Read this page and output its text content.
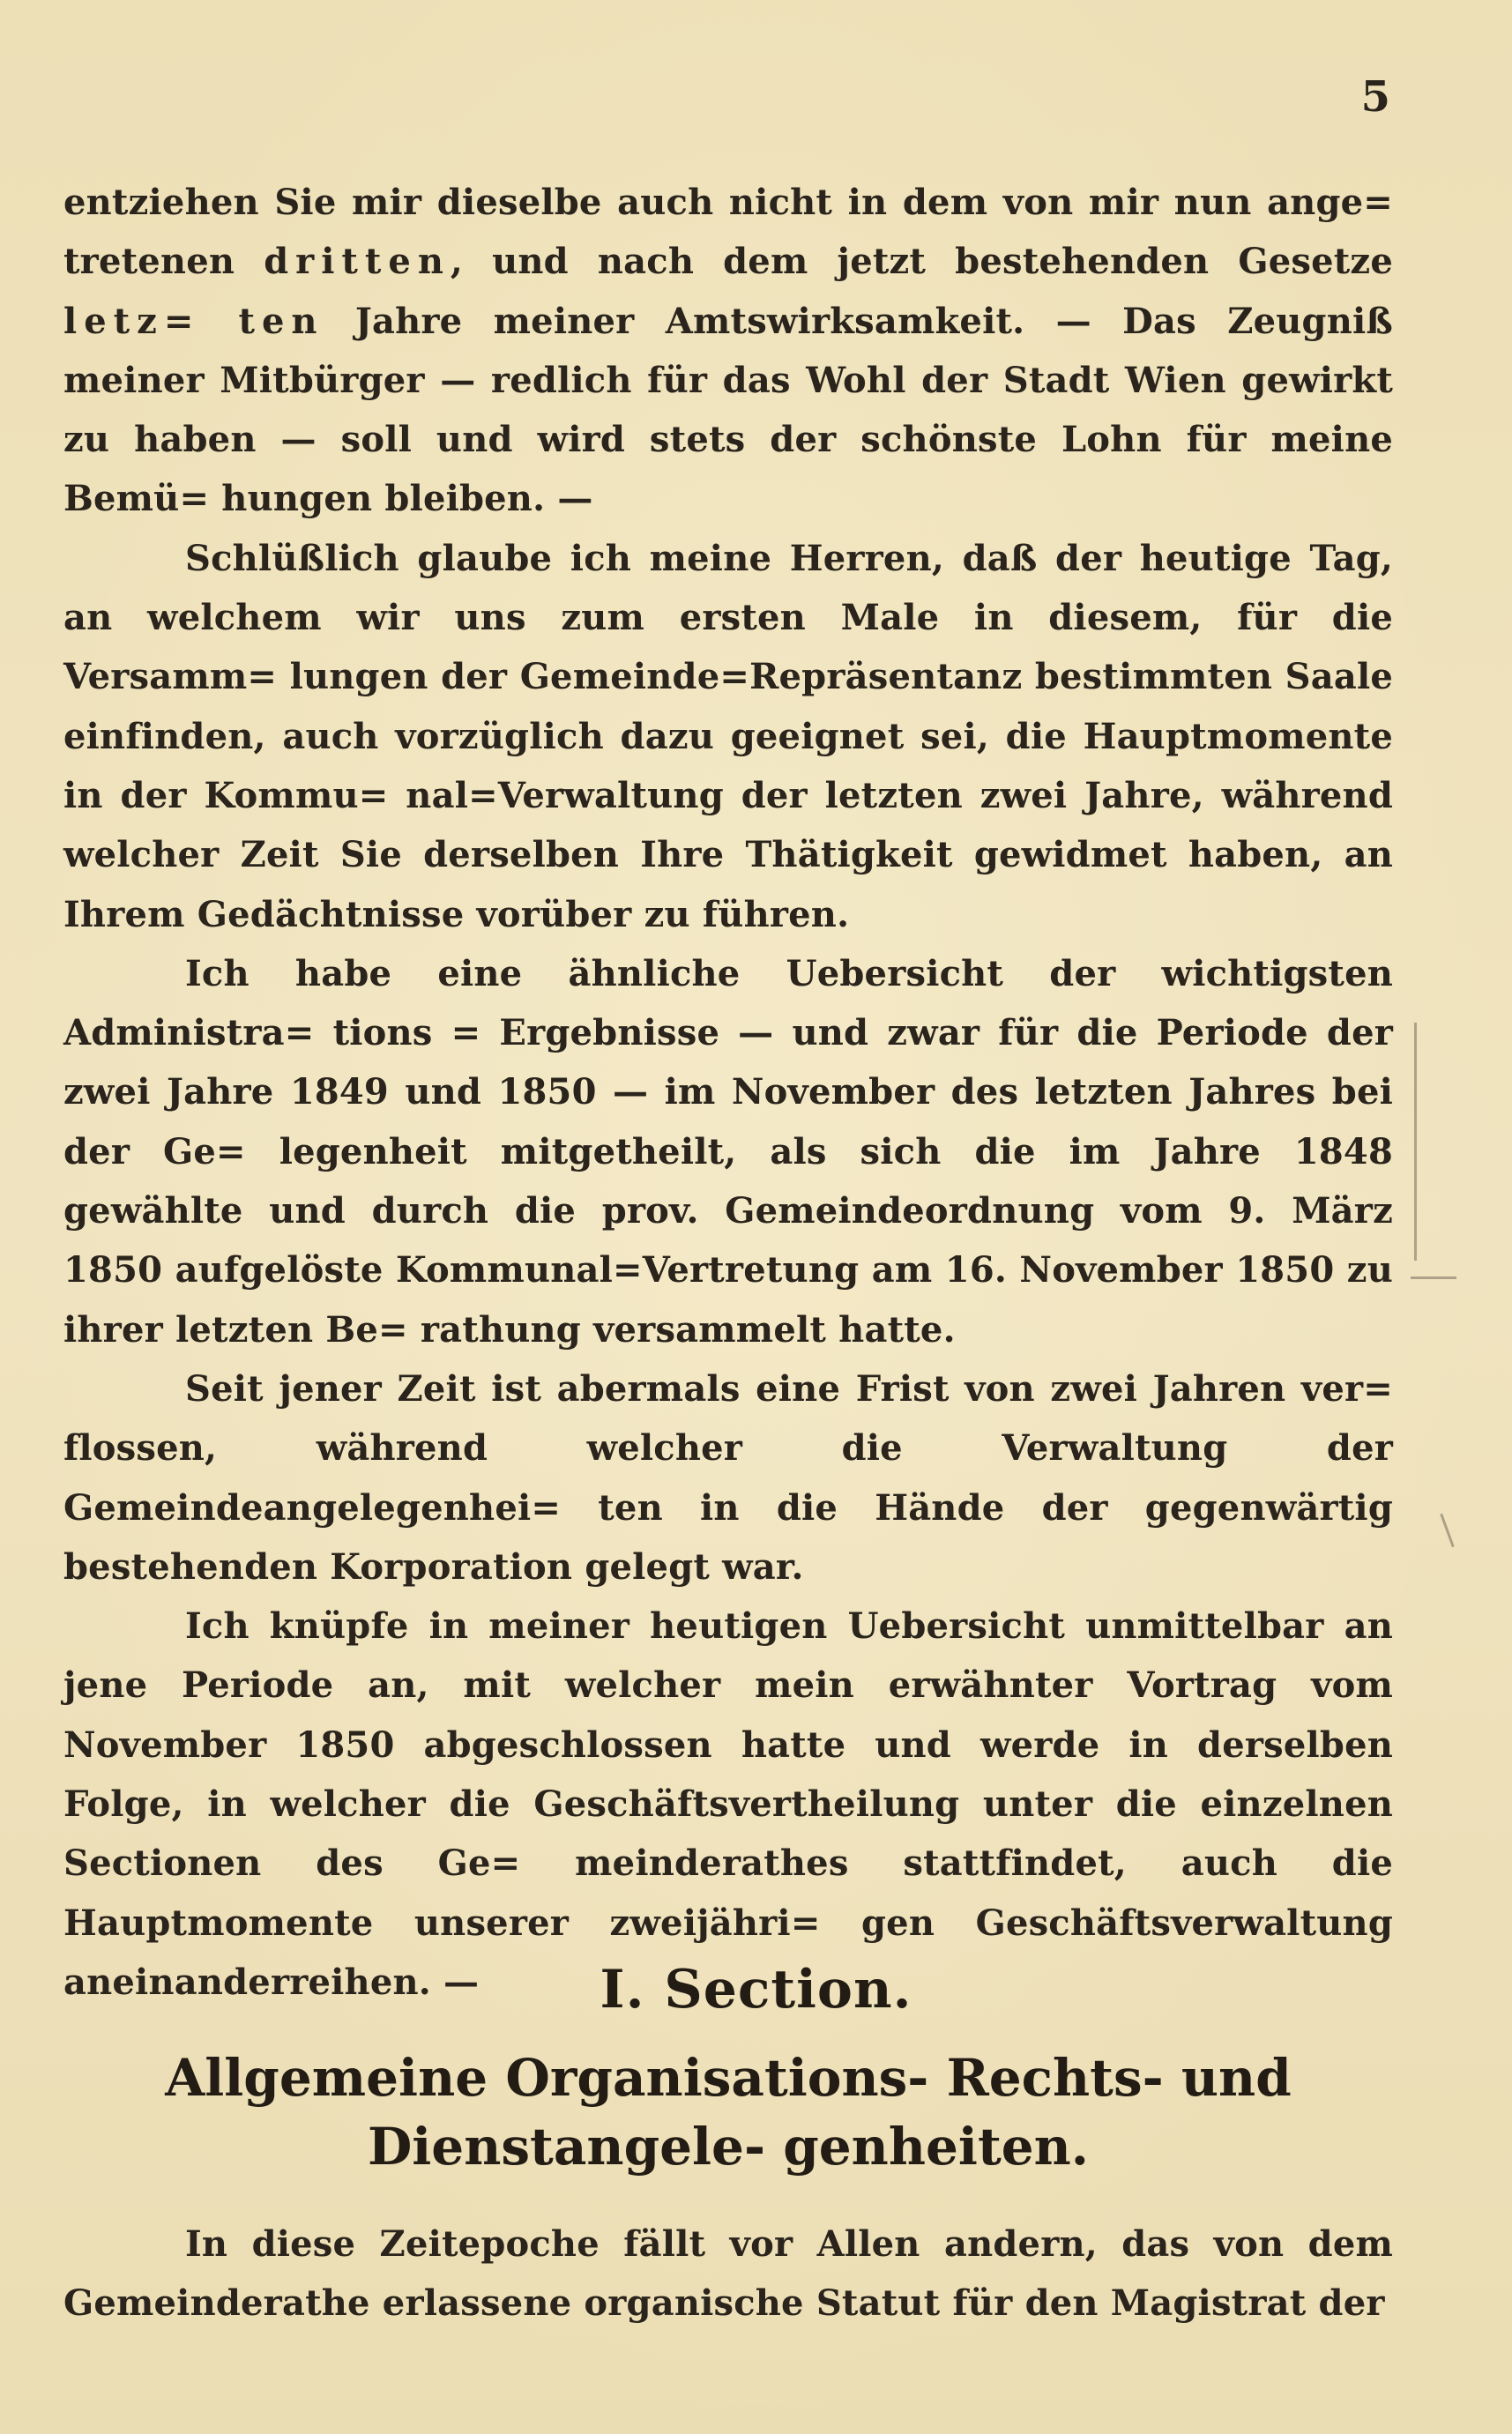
5

entziehen Sie mir dieselbe auch nicht in dem von mir nun ange= tretenen dritten, und nach dem jetzt bestehenden Gesetze letz= ten Jahre meiner Amtswirksamkeit. — Das Zeugniß meiner Mitbürger — redlich für das Wohl der Stadt Wien gewirkt zu haben — soll und wird stets der schönste Lohn für meine Bemü= hungen bleiben. —

Schlüßlich glaube ich meine Herren, daß der heutige Tag, an welchem wir uns zum ersten Male in diesem, für die Versamm= lungen der Gemeinde=Repräsentanz bestimmten Saale einfinden, auch vorzüglich dazu geeignet sei, die Hauptmomente in der Kommu= nal=Verwaltung der letzten zwei Jahre, während welcher Zeit Sie derselben Ihre Thätigkeit gewidmet haben, an Ihrem Gedächtnisse vorüber zu führen.

Ich habe eine ähnliche Uebersicht der wichtigsten Administra= tions = Ergebnisse — und zwar für die Periode der zwei Jahre 1849 und 1850 — im November des letzten Jahres bei der Ge= legenheit mitgetheilt, als sich die im Jahre 1848 gewählte und durch die prov. Gemeindeordnung vom 9. März 1850 aufgelöste Kommunal=Vertretung am 16. November 1850 zu ihrer letzten Be= rathung versammelt hatte.

Seit jener Zeit ist abermals eine Frist von zwei Jahren ver= flossen, während welcher die Verwaltung der Gemeindeangelegenhei= ten in die Hände der gegenwärtig bestehenden Korporation gelegt war.

Ich knüpfe in meiner heutigen Uebersicht unmittelbar an jene Periode an, mit welcher mein erwähnter Vortrag vom November 1850 abgeschlossen hatte und werde in derselben Folge, in welcher die Geschäftsvertheilung unter die einzelnen Sectionen des Ge= meinderathes stattfindet, auch die Hauptmomente unserer zweijähri= gen Geschäftsverwaltung aneinanderreihen. —	I. Section.
Allgemeine Organisations- Rechts- und Dienstangele- genheiten.

In diese Zeitepoche fällt vor Allen andern, das von dem Gemeinderathe erlassene organische Statut für den Magistrat der
